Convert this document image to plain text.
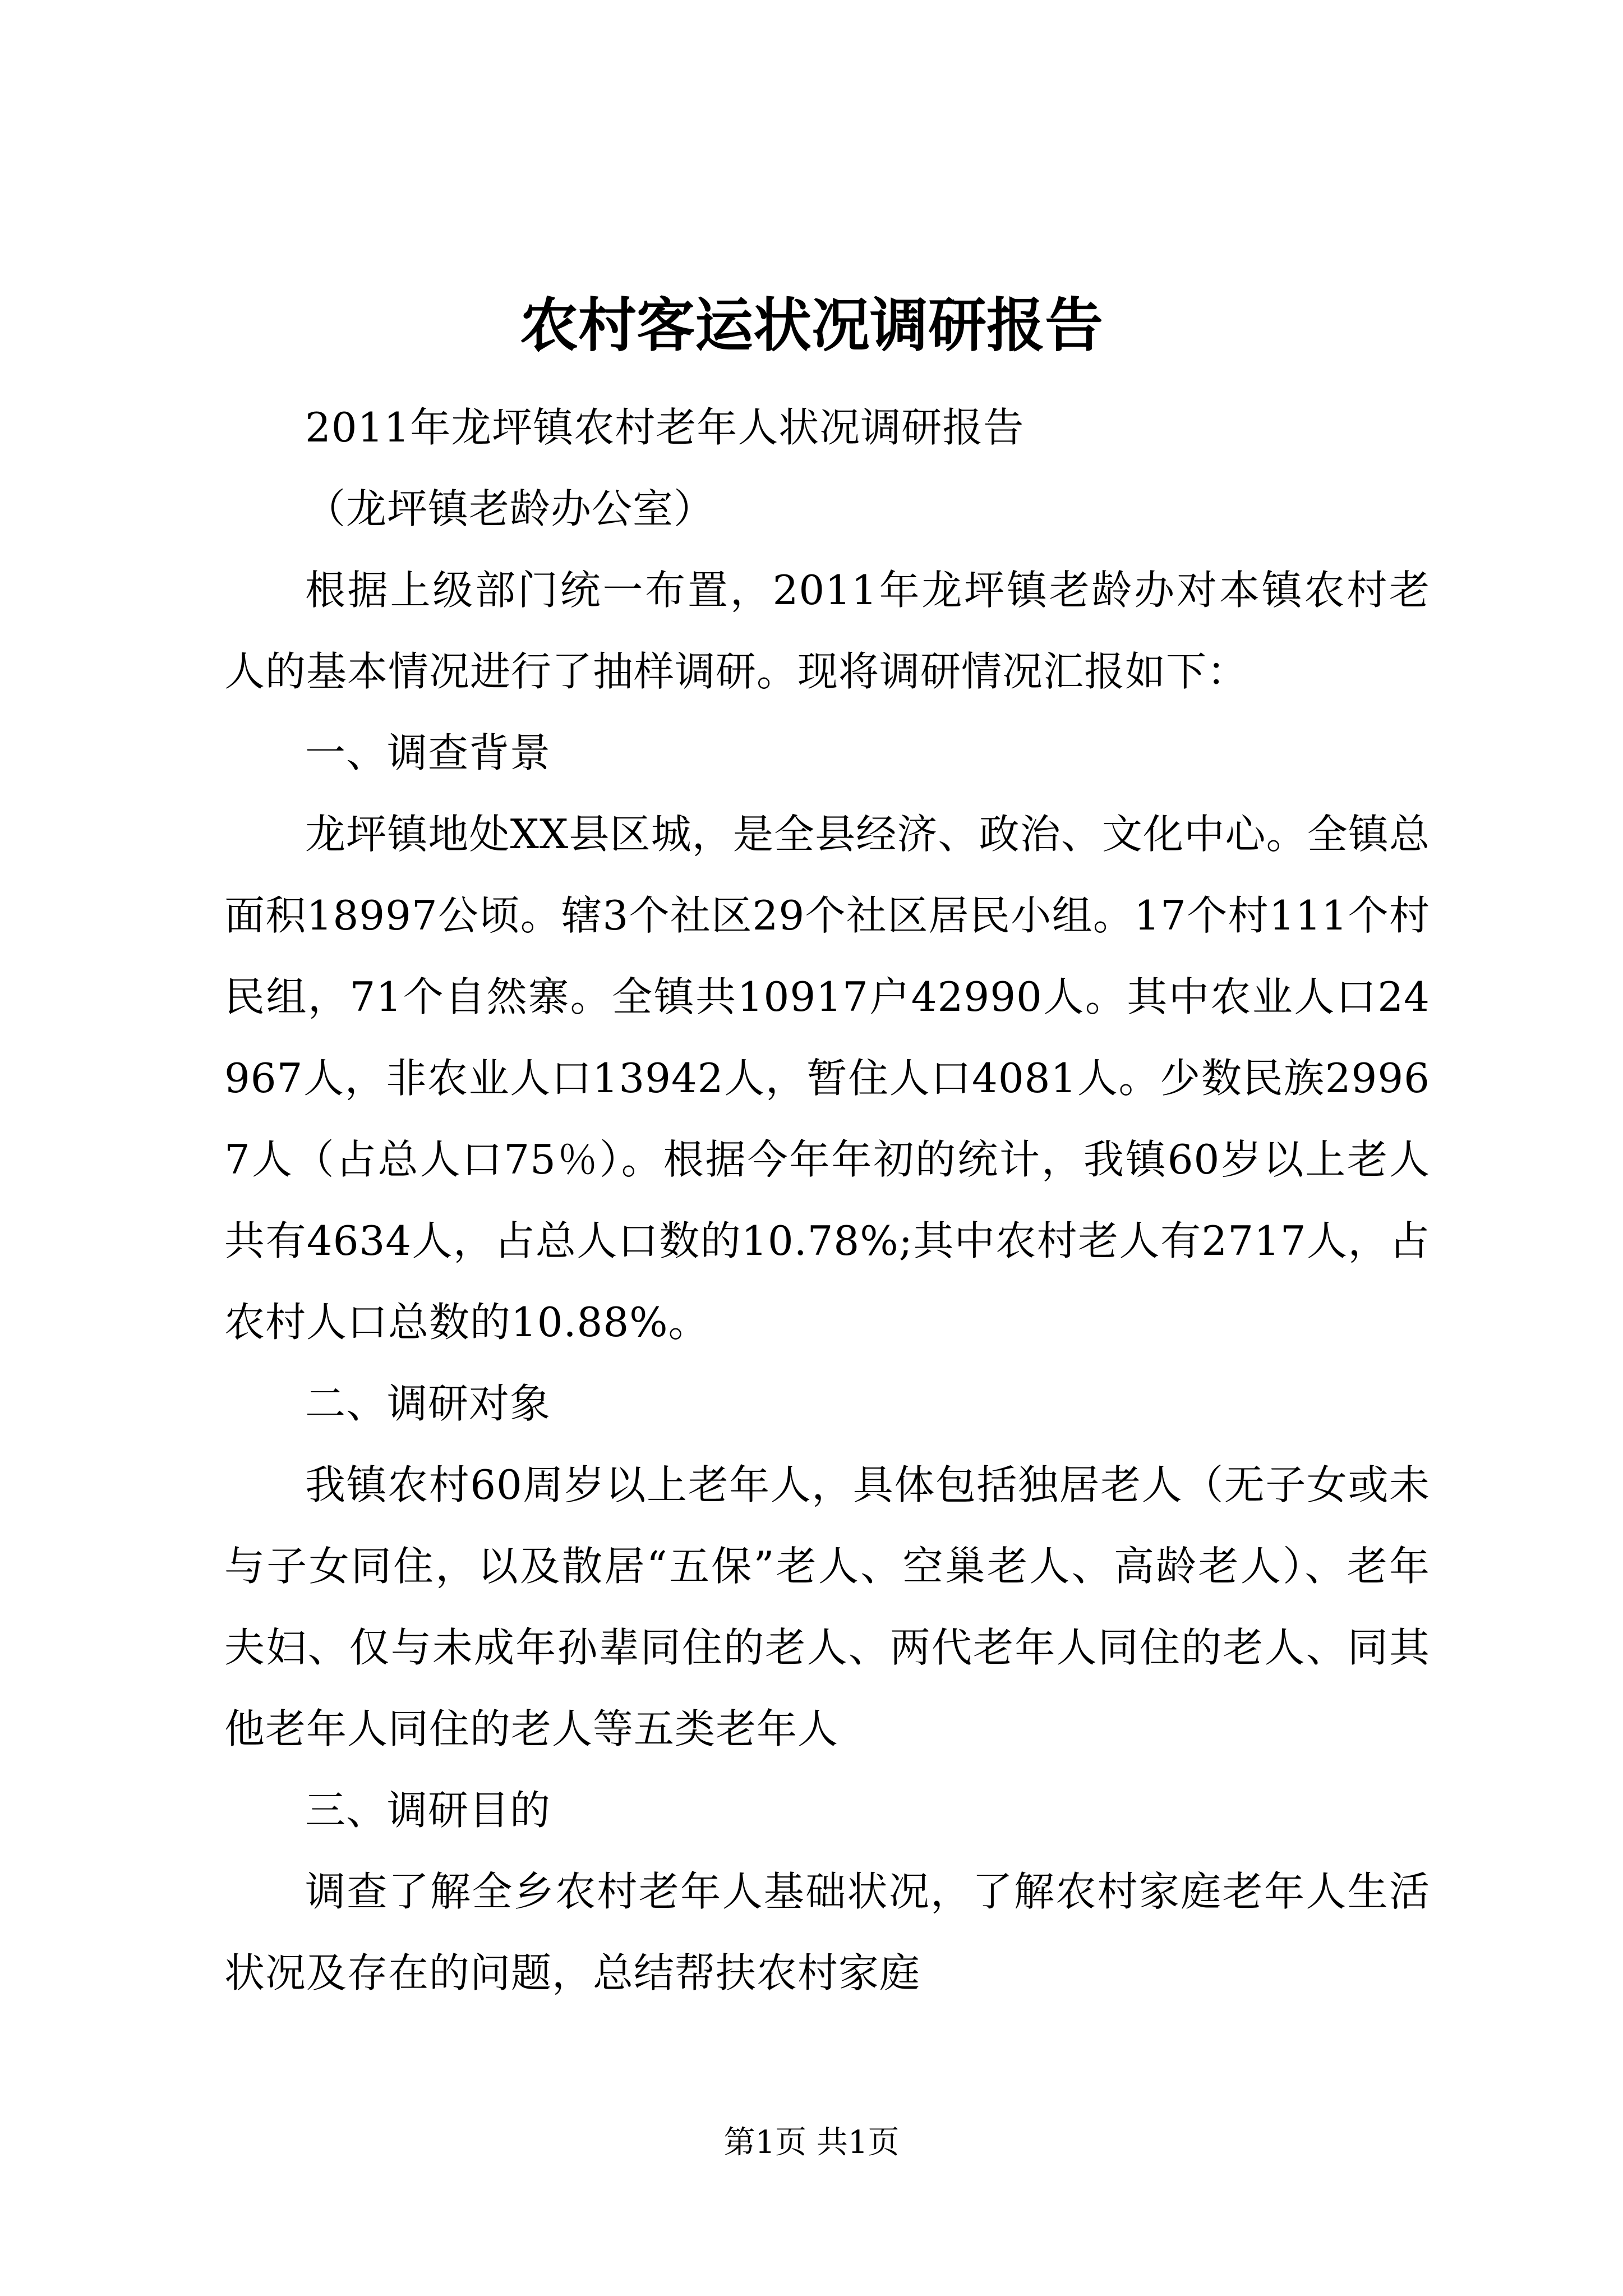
农村客运状况调研报告

2011年龙坪镇农村老年人状况调研报告

（龙坪镇老龄办公室）

根据上级部门统一布置，2011年龙坪镇老龄办对本镇农村老人的基本情况进行了抽样调研。现将调研情况汇报如下：

一、调查背景

龙坪镇地处XX县区城，是全县经济、政治、文化中心。全镇总面积18997公顷。辖3个社区29个社区居民小组。17个村111个村民组，71个自然寨。全镇共10917户42990人。其中农业人口24967人，非农业人口13942人，暂住人口4081人。少数民族29967人（占总人口75％）。根据今年年初的统计，我镇60岁以上老人共有4634人，占总人口数的10.78%;其中农村老人有2717人，占农村人口总数的10.88%。

二、调研对象

我镇农村60周岁以上老年人，具体包括独居老人（无子女或未与子女同住，以及散居“五保”老人、空巢老人、高龄老人）、老年夫妇、仅与未成年孙辈同住的老人、两代老年人同住的老人、同其他老年人同住的老人等五类老年人

三、调研目的

调查了解全乡农村老年人基础状况，了解农村家庭老年人生活状况及存在的问题，总结帮扶农村家庭

第1页 共1页
